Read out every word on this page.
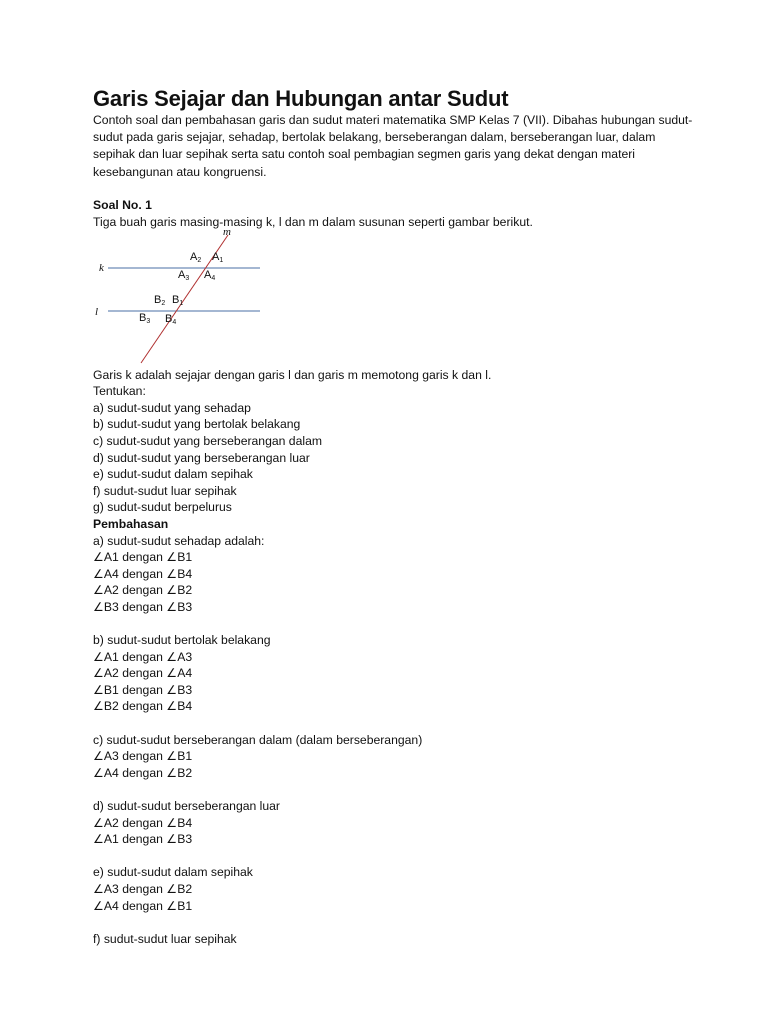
Garis Sejajar dan Hubungan antar Sudut

Contoh soal dan pembahasan garis dan sudut materi matematika SMP Kelas 7 (VII). Dibahas hubungan sudut-sudut pada garis sejajar, sehadap, bertolak belakang, berseberangan dalam, berseberangan luar, dalam sepihak dan luar sepihak serta satu contoh soal pembagian segmen garis yang dekat dengan materi kesebangunan atau kongruensi.

Soal No. 1

Tiga buah garis masing-masing k, l dan m dalam susunan seperti gambar berikut.

m
k
l
$A_2$ $A_1$
$A_3$ $A_4$
$B_2$ $B_1$
$B_3$ $B_4$

Garis k adalah sejajar dengan garis l dan garis m memotong garis k dan l.

Tentukan:

a) sudut-sudut yang sehadap

b) sudut-sudut yang bertolak belakang

c) sudut-sudut yang berseberangan dalam

d) sudut-sudut yang berseberangan luar

e) sudut-sudut dalam sepihak

f) sudut-sudut luar sepihak

g) sudut-sudut berpelurus

Pembahasan

a) sudut-sudut sehadap adalah:

∠A1 dengan ∠B1

∠A4 dengan ∠B4

∠A2 dengan ∠B2

∠B3 dengan ∠B3

b) sudut-sudut bertolak belakang

∠A1 dengan ∠A3

∠A2 dengan ∠A4

∠B1 dengan ∠B3

∠B2 dengan ∠B4

c) sudut-sudut berseberangan dalam (dalam berseberangan)

∠A3 dengan ∠B1

∠A4 dengan ∠B2

d) sudut-sudut berseberangan luar

∠A2 dengan ∠B4

∠A1 dengan ∠B3

e) sudut-sudut dalam sepihak

∠A3 dengan ∠B2

∠A4 dengan ∠B1

f) sudut-sudut luar sepihak
